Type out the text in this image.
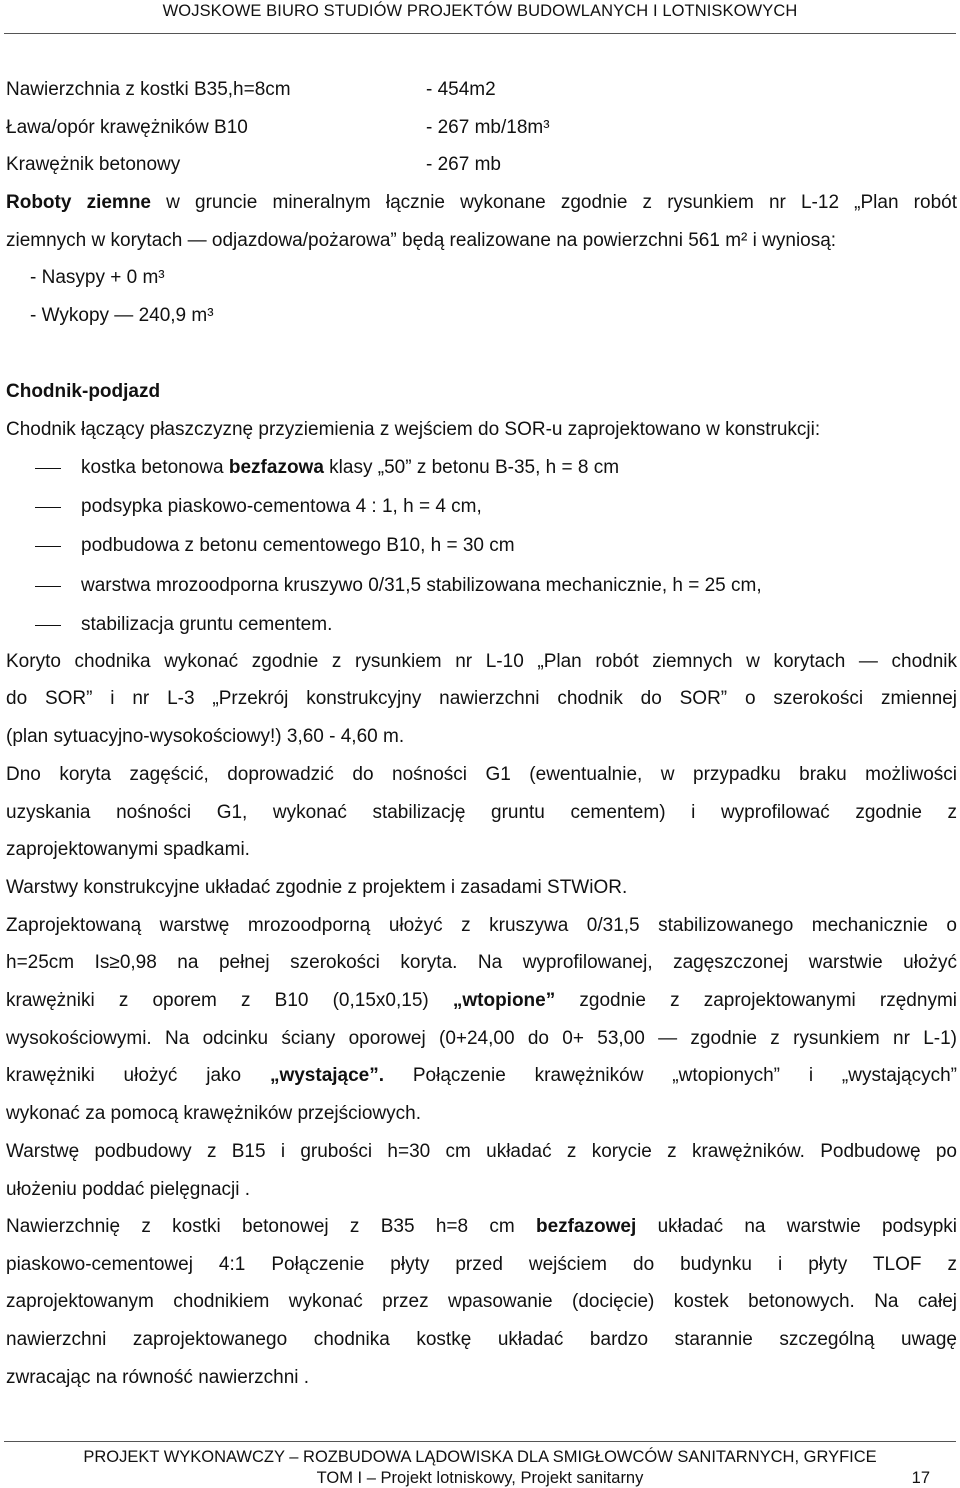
WOJSKOWE BIURO STUDIÓW PROJEKTÓW BUDOWLANYCH I LOTNISKOWYCH
Nawierzchnia z kostki B35,h=8cm	- 454m2
Ława/opór krawężników B10	- 267 mb/18m³
Krawężnik betonowy	- 267 mb
Roboty ziemne w gruncie mineralnym łącznie wykonane zgodnie z rysunkiem nr L-12 „Plan robót
ziemnych w korytach — odjazdowa/pożarowa” będą realizowane na powierzchni 561 m² i wyniosą:
- Nasypy + 0 m³
- Wykopy — 240,9 m³
Chodnik-podjazd
Chodnik łączący płaszczyznę przyziemienia z wejściem do SOR-u zaprojektowano w konstrukcji:
kostka betonowa bezfazowa klasy „50” z betonu B-35, h = 8 cm
podsypka piaskowo-cementowa 4 : 1, h = 4 cm,
podbudowa z betonu cementowego B10, h = 30 cm
warstwa mrozoodporna kruszywo 0/31,5 stabilizowana mechanicznie, h = 25 cm,
stabilizacja gruntu cementem.
Koryto chodnika wykonać zgodnie z rysunkiem nr L-10 „Plan robót ziemnych w korytach — chodnik
do SOR” i nr L-3 „Przekrój konstrukcyjny nawierzchni chodnik do SOR” o szerokości zmiennej
(plan sytuacyjno-wysokościowy!) 3,60 - 4,60 m.
Dno koryta zagęścić, doprowadzić do nośności G1 (ewentualnie, w przypadku braku możliwości
uzyskania nośności G1, wykonać stabilizację gruntu cementem) i wyprofilować zgodnie z
zaprojektowanymi spadkami.
Warstwy konstrukcyjne układać zgodnie z projektem i zasadami STWiOR.
Zaprojektowaną warstwę mrozoodporną ułożyć z kruszywa 0/31,5 stabilizowanego mechanicznie o
h=25cm Is≥0,98 na pełnej szerokości koryta. Na wyprofilowanej, zagęszczonej warstwie ułożyć
krawężniki z oporem z B10 (0,15x0,15) „wtopione” zgodnie z zaprojektowanymi rzędnymi
wysokościowymi. Na odcinku ściany oporowej (0+24,00 do 0+ 53,00 — zgodnie z rysunkiem nr L-1)
krawężniki ułożyć jako „wystające”. Połączenie krawężników „wtopionych” i „wystających”
wykonać za pomocą krawężników przejściowych.
Warstwę podbudowy z B15 i grubości h=30 cm układać z korycie z krawężników. Podbudowę po
ułożeniu poddać pielęgnacji .
Nawierzchnię z kostki betonowej z B35 h=8 cm bezfazowej układać na warstwie podsypki
piaskowo-cementowej 4:1 Połączenie płyty przed wejściem do budynku i płyty TLOF z
zaprojektowanym chodnikiem wykonać przez wpasowanie (docięcie) kostek betonowych. Na całej
nawierzchni zaprojektowanego chodnika kostkę układać bardzo starannie szczególną uwagę
zwracając na równość nawierzchni .
PROJEKT WYKONAWCZY – ROZBUDOWA LĄDOWISKA DLA SMIGŁOWCÓW SANITARNYCH, GRYFICE
TOM I – Projekt lotniskowy, Projekt sanitarny	17
